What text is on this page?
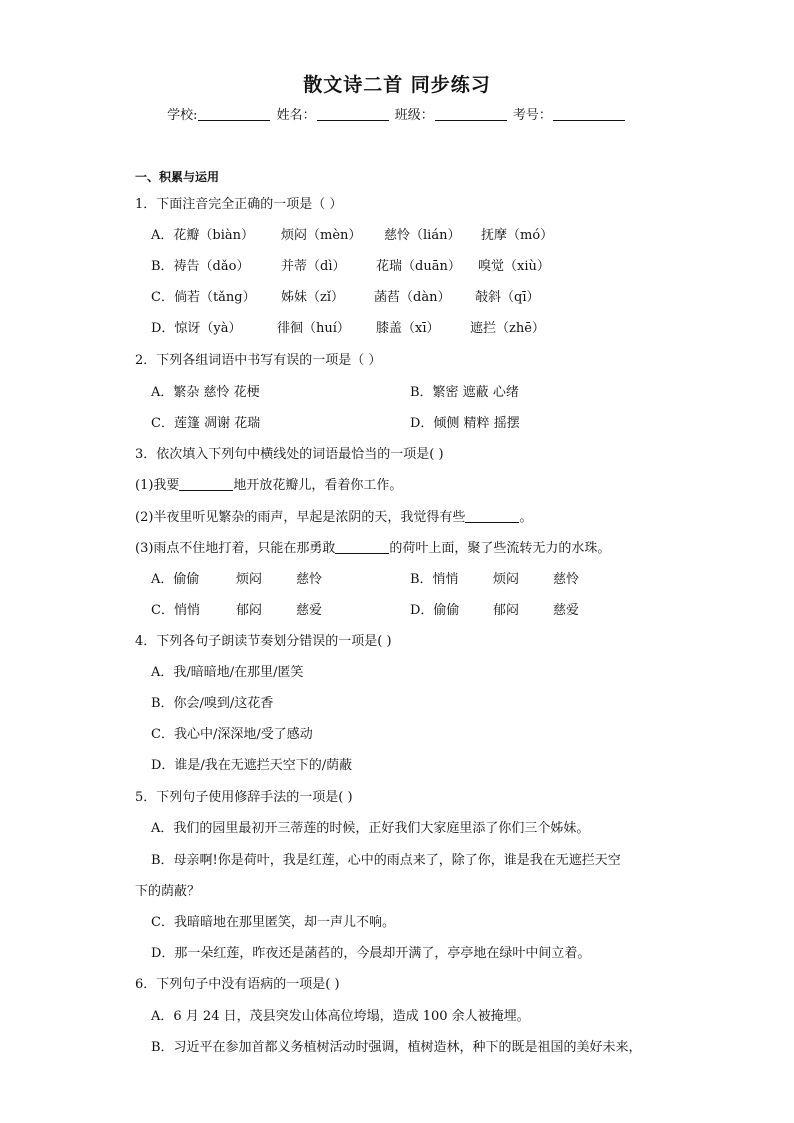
散文诗二首 同步练习
学校:	姓名：	班级：	考号：
一、积累与运用
1．下面注音完全正确的一项是（ ）
A．花瓣（biàn） 烦闷（mèn） 慈怜（lián） 抚摩（mó）
B．祷告（dǎo） 并蒂（dì） 花瑞（duān） 嗅觉（xiù）
C．倘若（tǎng） 姊妹（zǐ） 菡萏（dàn） 攲斜（qī）
D．惊讶（yà）	徘徊（huí） 膝盖（xī） 遮拦（zhē）
2．下列各组词语中书写有误的一项是（ ）
A．繁杂 慈怜 花梗	B．繁密 遮蔽 心绪
C．莲篷 凋谢 花瑞	D．倾侧 精粹 摇摆
3．依次填入下列句中横线处的词语最恰当的一项是( )
(1)我要	地开放花瓣儿，看着你工作。
(2)半夜里听见繁杂的雨声，早起是浓阴的天，我觉得有些	。
(3)雨点不住地打着，只能在那勇敢	的荷叶上面，聚了些流转无力的水珠。
A．偷偷	烦闷	慈怜	B．悄悄	烦闷	慈怜
C．悄悄	郁闷	慈爱	D．偷偷	郁闷	慈爱
4．下列各句子朗读节奏划分错误的一项是( )
A．我/暗暗地/在那里/匿笑
B．你会/嗅到/这花香
C．我心中/深深地/受了感动
D．谁是/我在无遮拦天空下的/荫蔽
5．下列句子使用修辞手法的一项是( )
A．我们的园里最初开三蒂莲的时候，正好我们大家庭里添了你们三个姊妹。
B．母亲啊!你是荷叶，我是红莲，心中的雨点来了，除了你，谁是我在无遮拦天空
下的荫蔽？
C．我暗暗地在那里匿笑，却一声儿不响。
D．那一朵红莲，昨夜还是菡萏的，今晨却开满了，亭亭地在绿叶中间立着。
6．下列句子中没有语病的一项是( )
A．6 月 24 日，茂县突发山体高位垮塌，造成 100 余人被掩埋。
B．习近平在参加首都义务植树活动时强调，植树造林，种下的既是祖国的美好未来，
